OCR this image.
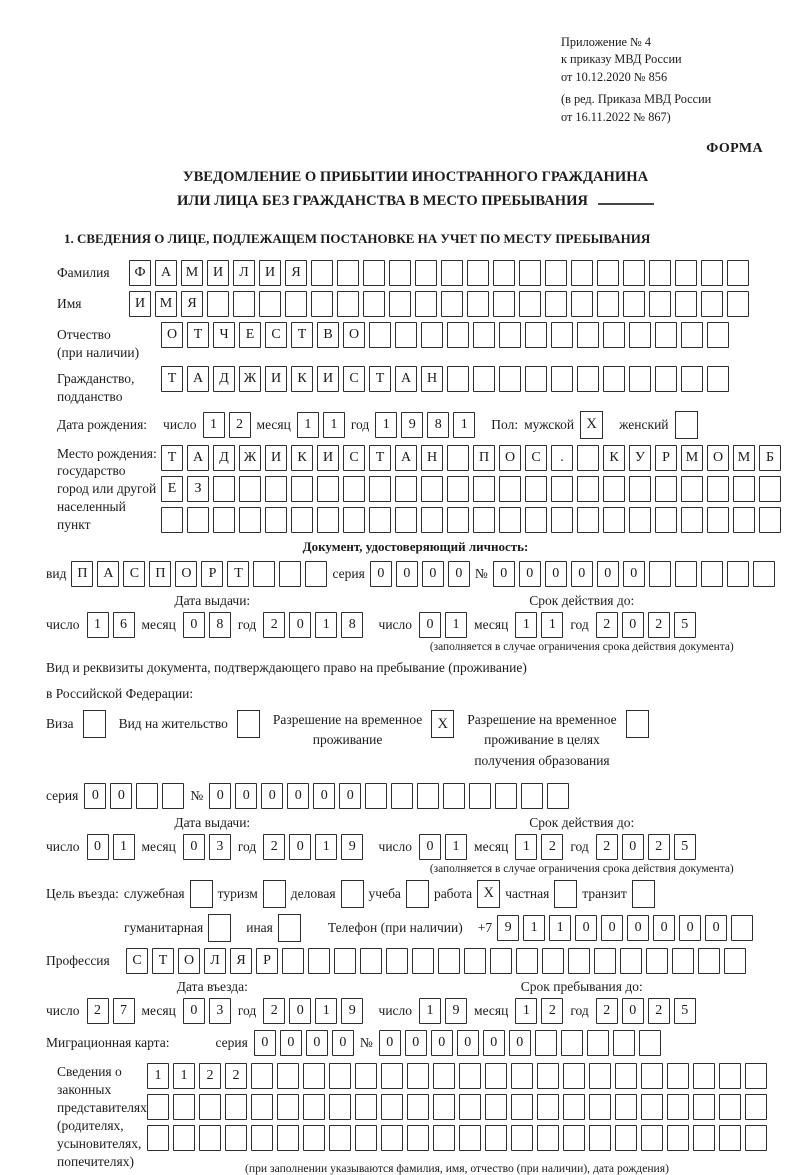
Приложение № 4
к приказу МВД России
от 10.12.2020 № 856
(в ред. Приказа МВД России
от 16.11.2022 № 867)
ФОРМА
УВЕДОМЛЕНИЕ О ПРИБЫТИИ ИНОСТРАННОГО ГРАЖДАНИНА
ИЛИ ЛИЦА БЕЗ ГРАЖДАНСТВА В МЕСТО ПРЕБЫВАНИЯ
1. СВЕДЕНИЯ О ЛИЦЕ, ПОДЛЕЖАЩЕМ ПОСТАНОВКЕ НА УЧЕТ ПО МЕСТУ ПРЕБЫВАНИЯ
Фамилия	Ф	А	М	И	Л	И	Я
Имя	И	М	Я
Отчество
(при наличии)
О	Т	Ч	Е	С	Т	В	О
Гражданство,
подданство
Т	А	Д	Ж	И	К	И	С	Т	А	Н
Дата рождения: число 1	2	месяц 1	1	год 1	9	8	1	Пол: мужской X	женский
Место рождения:
государство
город или другой
населенный пункт
Т	А	Д	Ж	И	К	И	С	Т	А	Н	П	О	С	.	К	У	Р	М	О	М	Б
Е	З
Документ, удостоверяющий личность:
вид П	А	С	П	О	Р	Т	серия 0	0	0	0 № 0	0	0	0	0	0
Дата выдачи:
число	1	6	месяц	0	8	год	2	0	1	8
Срок действия до:
число	0	1	месяц	1	1	год	2	0	2	5
(заполняется в случае ограничения срока действия документа)
Вид и реквизиты документа, подтверждающего право на пребывание (проживание)
в Российской Федерации:
Виза	Вид на жительство	Разрешение на временное
проживание
X	Разрешение на временное
проживание в целях
получения образования
серия 0	0	№ 0	0	0	0	0	0
Дата выдачи:
число	0	1	месяц	0	3	год	2	0	1	9
Срок действия до:
число	0	1	месяц	1	2	год	2	0	2	5
(заполняется в случае ограничения срока действия документа)
Цель въезда: служебная туризм деловая учеба работа X частная транзит
гуманитарная	иная	Телефон (при наличии) +7 9	1	1	0	0	0	0	0	0
Профессия	С	Т	О	Л	Я	Р
Дата въезда:
число	2	7	месяц	0	3	год	2	0	1	9
Срок пребывания до:
число	1	9	месяц	1	2	год	2	0	2	5
Миграционная карта:	серия 0	0	0	0	№ 0	0	0	0	0	0
Сведения о
законных
представителях
(родителях,
усыновителях,
попечителях)
1	1	2	2
(при заполнении указываются фамилия, имя, отчество (при наличии), дата рождения)
